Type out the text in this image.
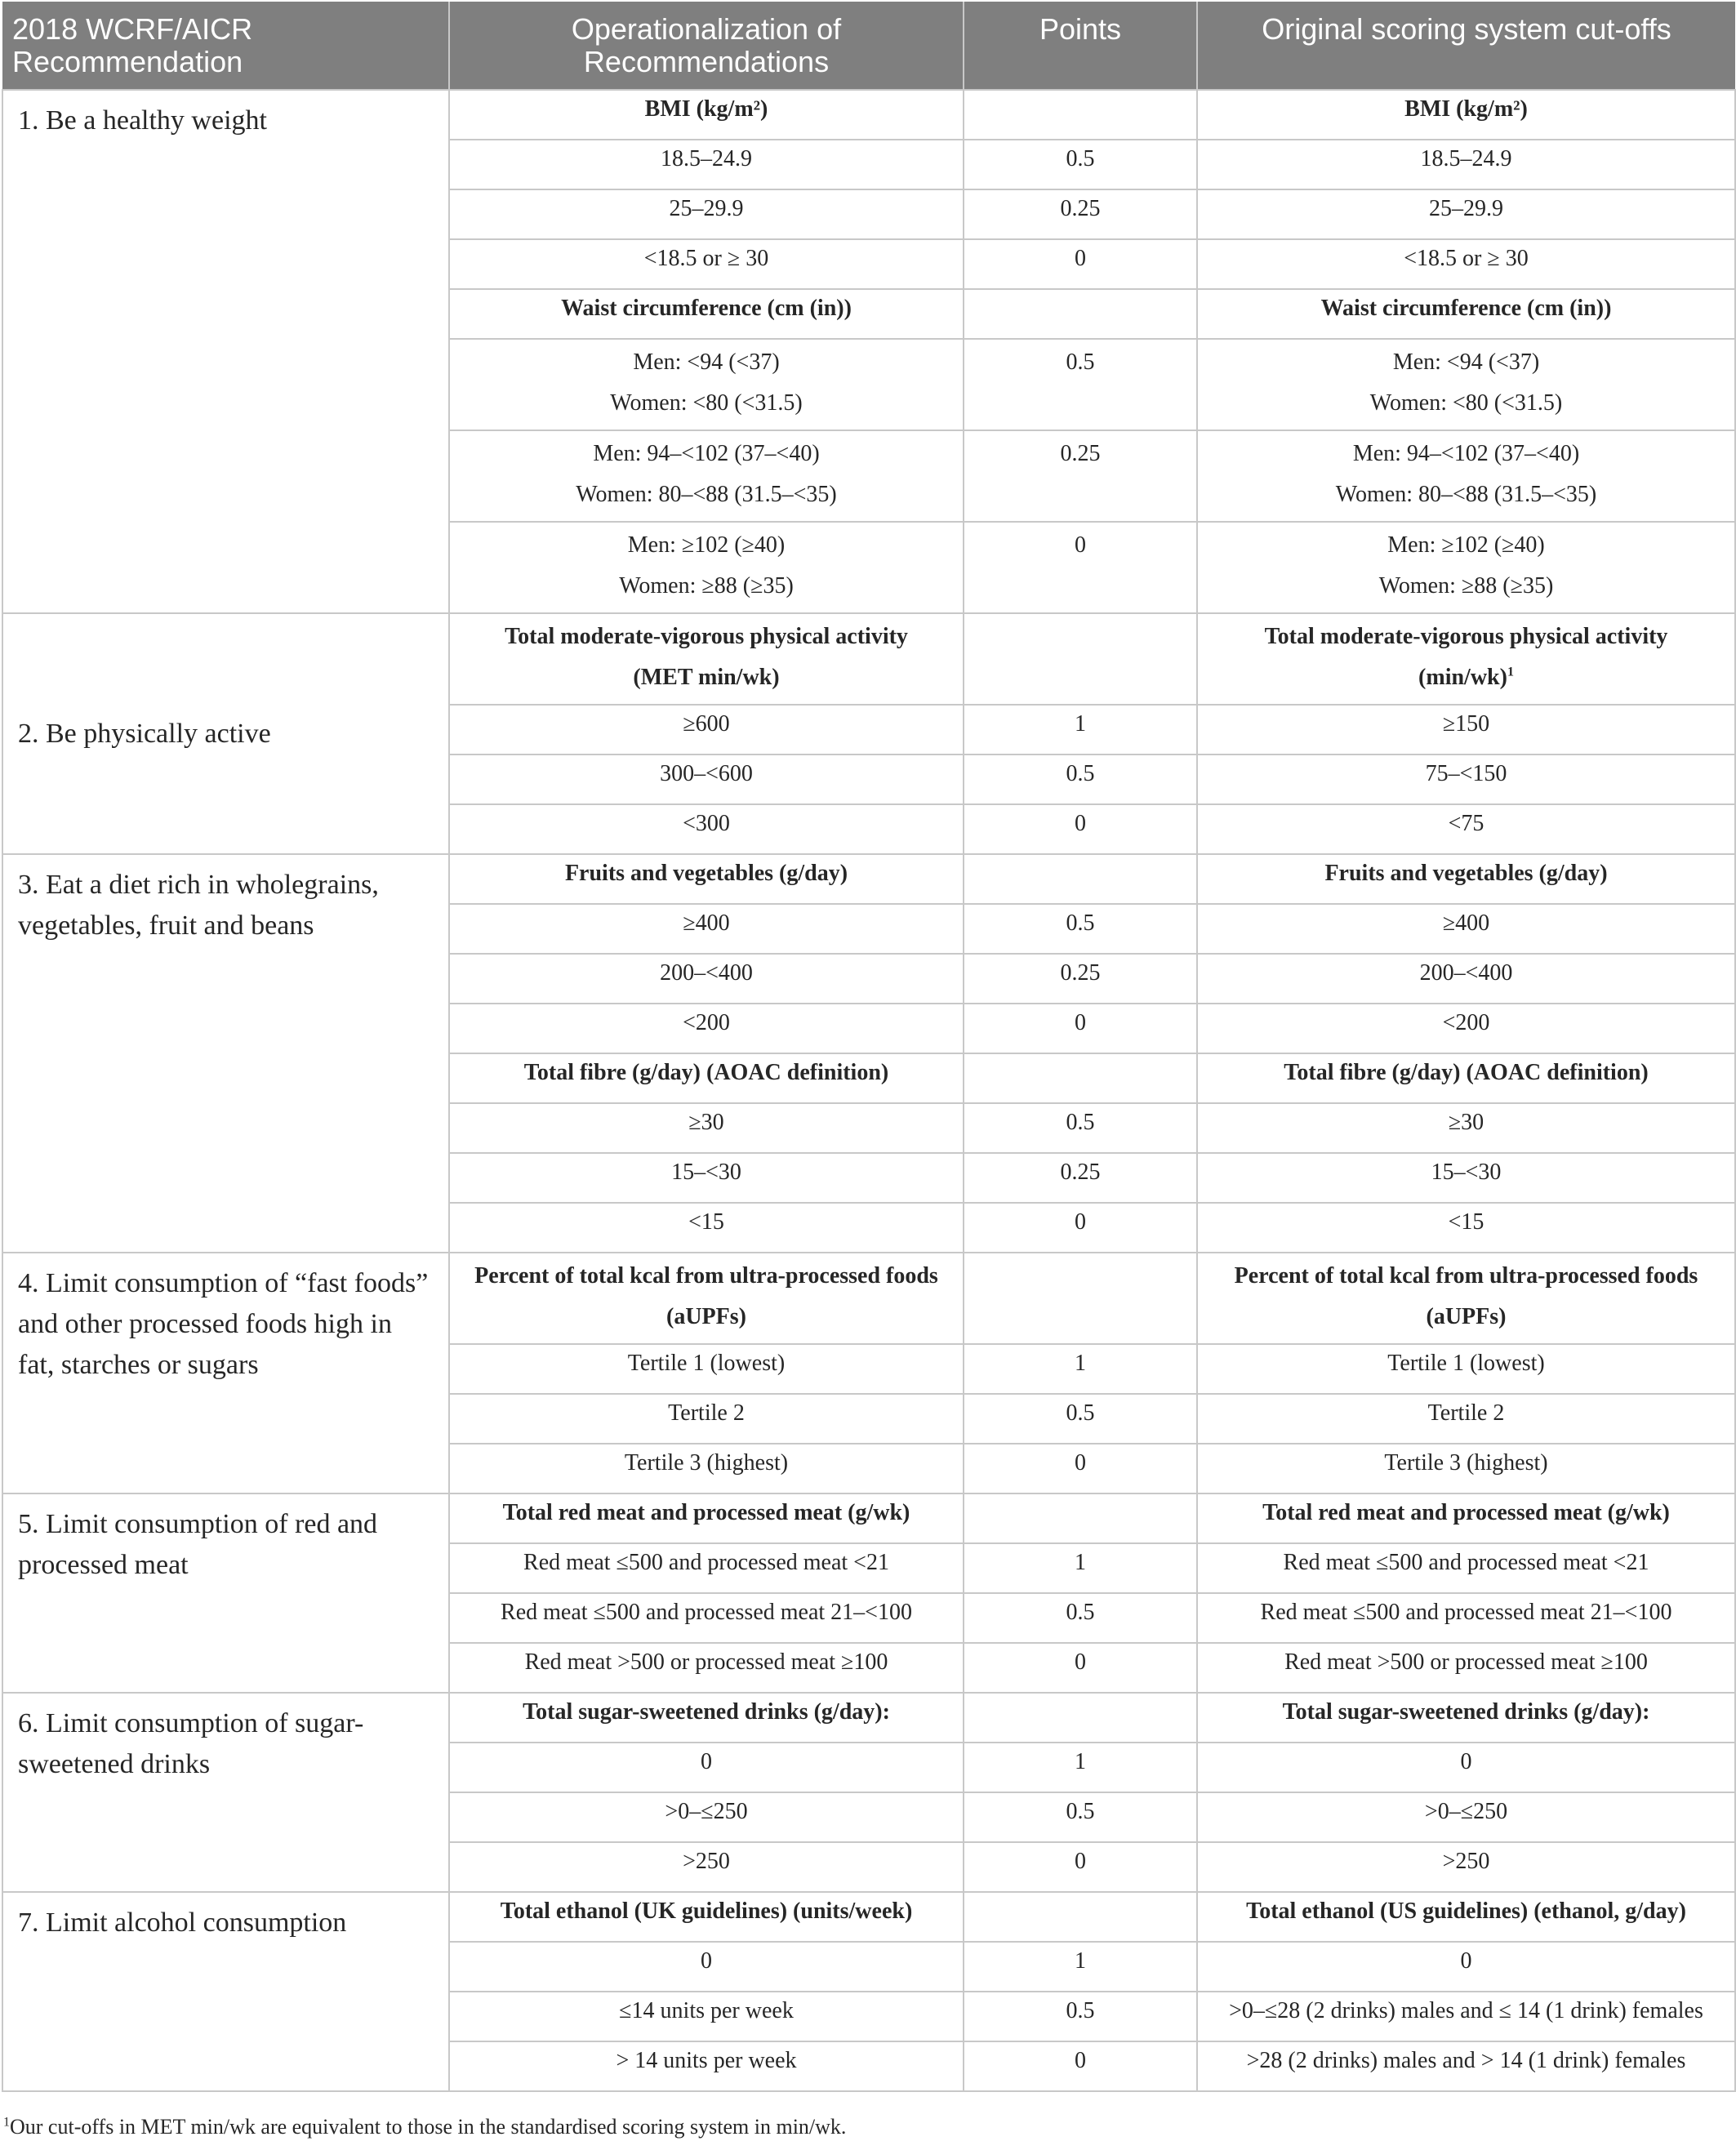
2018 WCRF/AICR Recommendation	Operationalization of Recommendations	Points	Original scoring system cut-offs
1. Be a healthy weight	BMI (kg/m²)		BMI (kg/m²)

	18.5–24.9	0.5	18.5–24.9

	25–29.9	0.25	25–29.9

	<18.5 or ≥ 30	0	<18.5 or ≥ 30

	Waist circumference (cm (in))		Waist circumference (cm (in))

	Men: <94 (<37)
Women: <80 (<31.5)	0.5	Men: <94 (<37)
Women: <80 (<31.5)

	Men: 94–<102 (37–<40)
Women: 80–<88 (31.5–<35)	0.25	Men: 94–<102 (37–<40)
Women: 80–<88 (31.5–<35)

	Men: ≥102 (≥40)
Women: ≥88 (≥35)	0	Men: ≥102 (≥40)
Women: ≥88 (≥35)

2. Be physically active	Total moderate-vigorous physical activity
(MET min/wk)		Total moderate-vigorous physical activity
$(\min/wk)^1$

	≥600	1	≥150

	300–<600	0.5	75–<150

	<300	0	<75

3. Eat a diet rich in wholegrains, vegetables, fruit and beans	Fruits and vegetables (g/day)		Fruits and vegetables (g/day)

	≥400	0.5	≥400

	200–<400	0.25	200–<400

	<200	0	<200

	Total fibre (g/day) (AOAC definition)		Total fibre (g/day) (AOAC definition)

	≥30	0.5	≥30

	15–<30	0.25	15–<30

	<15	0	<15

4. Limit consumption of “fast foods” and other processed foods high in fat, starches or sugars	Percent of total kcal from ultra-processed foods
(aUPFs)		Percent of total kcal from ultra-processed foods
(aUPFs)

	Tertile 1 (lowest)	1	Tertile 1 (lowest)

	Tertile 2	0.5	Tertile 2

	Tertile 3 (highest)	0	Tertile 3 (highest)

5. Limit consumption of red and processed meat	Total red meat and processed meat (g/wk)		Total red meat and processed meat (g/wk)

	Red meat ≤500 and processed meat <21	1	Red meat ≤500 and processed meat <21

	Red meat ≤500 and processed meat 21–<100	0.5	Red meat ≤500 and processed meat 21–<100

	Red meat >500 or processed meat ≥100	0	Red meat >500 or processed meat ≥100

6. Limit consumption of sugar-sweetened drinks	Total sugar-sweetened drinks (g/day):		Total sugar-sweetened drinks (g/day):

	0	1	0

	>0–≤250	0.5	>0–≤250

	>250	0	>250

7. Limit alcohol consumption	Total ethanol (UK guidelines) (units/week)		Total ethanol (US guidelines) (ethanol, g/day)

	0	1	0

	≤14 units per week	0.5	>0–≤28 (2 drinks) males and ≤ 14 (1 drink) females

	> 14 units per week	0	>28 (2 drinks) males and > 14 (1 drink) females
$^1$Our cut-offs in MET min/wk are equivalent to those in the standardised scoring system in min/wk.
